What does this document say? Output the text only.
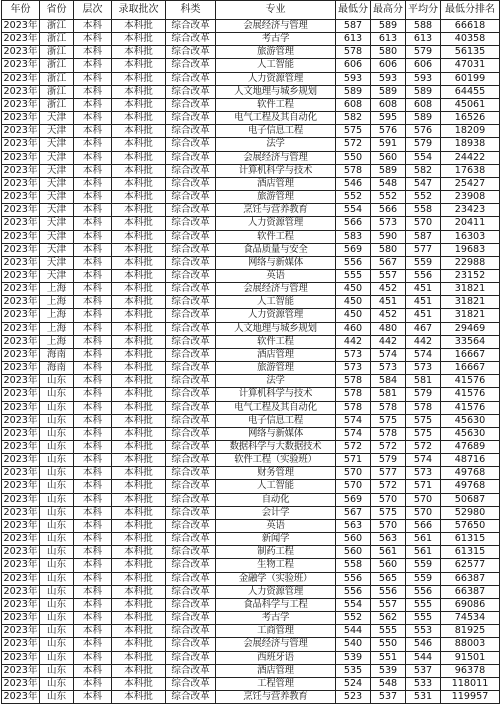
年份	省份	层次	录取批次	科类	专业	最低分	最高分	平均分	最低分排名
2023年	浙江	本科	本科批	综合改革	会展经济与管理	587	589	588	66618
2023年	浙江	本科	本科批	综合改革	考古学	613	613	613	40358
2023年	浙江	本科	本科批	综合改革	旅游管理	578	580	579	56135
2023年	浙江	本科	本科批	综合改革	人工智能	606	606	606	47031
2023年	浙江	本科	本科批	综合改革	人力资源管理	593	593	593	60199
2023年	浙江	本科	本科批	综合改革	人文地理与城乡规划	589	589	589	64455
2023年	浙江	本科	本科批	综合改革	软件工程	608	608	608	45061
2023年	天津	本科	本科批	综合改革	电气工程及其自动化	582	595	589	16526
2023年	天津	本科	本科批	综合改革	电子信息工程	575	576	576	18209
2023年	天津	本科	本科批	综合改革	法学	572	591	579	18938
2023年	天津	本科	本科批	综合改革	会展经济与管理	550	560	554	24422
2023年	天津	本科	本科批	综合改革	计算机科学与技术	578	589	582	17638
2023年	天津	本科	本科批	综合改革	酒店管理	546	548	547	25427
2023年	天津	本科	本科批	综合改革	旅游管理	552	552	552	23908
2023年	天津	本科	本科批	综合改革	烹饪与营养教育	554	566	558	23423
2023年	天津	本科	本科批	综合改革	人力资源管理	566	573	570	20411
2023年	天津	本科	本科批	综合改革	软件工程	583	590	587	16303
2023年	天津	本科	本科批	综合改革	食品质量与安全	569	580	577	19683
2023年	天津	本科	本科批	综合改革	网络与新媒体	556	567	559	22988
2023年	天津	本科	本科批	综合改革	英语	555	557	556	23152
2023年	上海	本科	本科批	综合改革	会展经济与管理	450	452	451	31821
2023年	上海	本科	本科批	综合改革	人工智能	450	451	451	31821
2023年	上海	本科	本科批	综合改革	人力资源管理	450	452	451	31821
2023年	上海	本科	本科批	综合改革	人文地理与城乡规划	460	480	467	29469
2023年	上海	本科	本科批	综合改革	软件工程	442	442	442	33564
2023年	海南	本科	本科批	综合改革	酒店管理	573	574	574	16667
2023年	海南	本科	本科批	综合改革	旅游管理	573	573	573	16667
2023年	山东	本科	本科批	综合改革	法学	578	584	581	41576
2023年	山东	本科	本科批	综合改革	计算机科学与技术	578	581	579	41576
2023年	山东	本科	本科批	综合改革	电气工程及其自动化	578	578	578	41576
2023年	山东	本科	本科批	综合改革	电子信息工程	574	575	575	45630
2023年	山东	本科	本科批	综合改革	网络与新媒体	574	578	575	45630
2023年	山东	本科	本科批	综合改革	数据科学与大数据技术	572	572	572	47689
2023年	山东	本科	本科批	综合改革	软件工程（实验班）	571	579	574	48716
2023年	山东	本科	本科批	综合改革	财务管理	570	577	573	49768
2023年	山东	本科	本科批	综合改革	人工智能	570	572	571	49768
2023年	山东	本科	本科批	综合改革	自动化	569	570	570	50687
2023年	山东	本科	本科批	综合改革	会计学	567	575	570	52980
2023年	山东	本科	本科批	综合改革	英语	563	570	566	57650
2023年	山东	本科	本科批	综合改革	新闻学	560	563	561	61315
2023年	山东	本科	本科批	综合改革	制药工程	560	561	561	61315
2023年	山东	本科	本科批	综合改革	生物工程	558	560	559	62577
2023年	山东	本科	本科批	综合改革	金融学（实验班）	556	565	559	66387
2023年	山东	本科	本科批	综合改革	人力资源管理	556	556	556	66387
2023年	山东	本科	本科批	综合改革	食品科学与工程	554	557	555	69086
2023年	山东	本科	本科批	综合改革	考古学	552	562	555	74534
2023年	山东	本科	本科批	综合改革	工商管理	544	555	553	81925
2023年	山东	本科	本科批	综合改革	会展经济与管理	540	550	546	88003
2023年	山东	本科	本科批	综合改革	西班牙语	539	551	544	91501
2023年	山东	本科	本科批	综合改革	酒店管理	535	539	537	96378
2023年	山东	本科	本科批	综合改革	工程管理	524	548	533	118011
2023年	山东	本科	本科批	综合改革	烹饪与营养教育	523	537	531	119957
